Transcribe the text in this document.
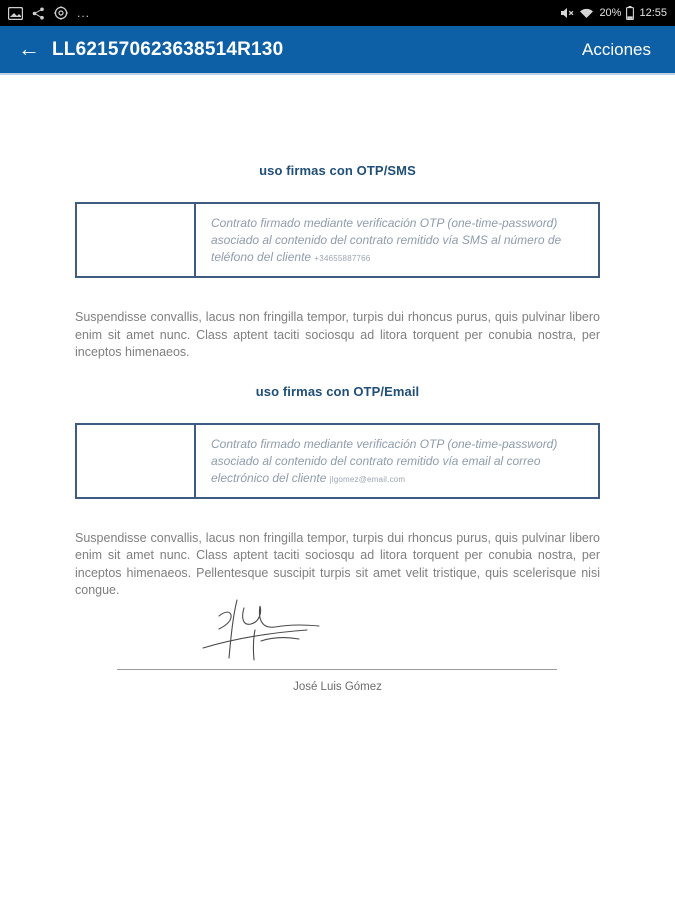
...	20% 12:55
← LL621570623638514R130	Acciones
uso firmas con OTP/SMS
Contrato firmado mediante verificación OTP (one-time-password) asociado al contenido del contrato remitido vía SMS al número de teléfono del cliente +34655887766

Suspendisse convallis, lacus non fringilla tempor, turpis dui rhoncus purus, quis pulvinar libero enim sit amet nunc. Class aptent taciti sociosqu ad litora torquent per conubia nostra, per inceptos himenaeos.

uso firmas con OTP/Email
Contrato firmado mediante verificación OTP (one-time-password) asociado al contenido del contrato remitido vía email al correo electrónico del cliente jlgomez@email.com

Suspendisse convallis, lacus non fringilla tempor, turpis dui rhoncus purus, quis pulvinar libero enim sit amet nunc. Class aptent taciti sociosqu ad litora torquent per conubia nostra, per inceptos himenaeos. Pellentesque suscipit turpis sit amet velit tristique, quis scelerisque nisi congue.

José Luis Gómez
